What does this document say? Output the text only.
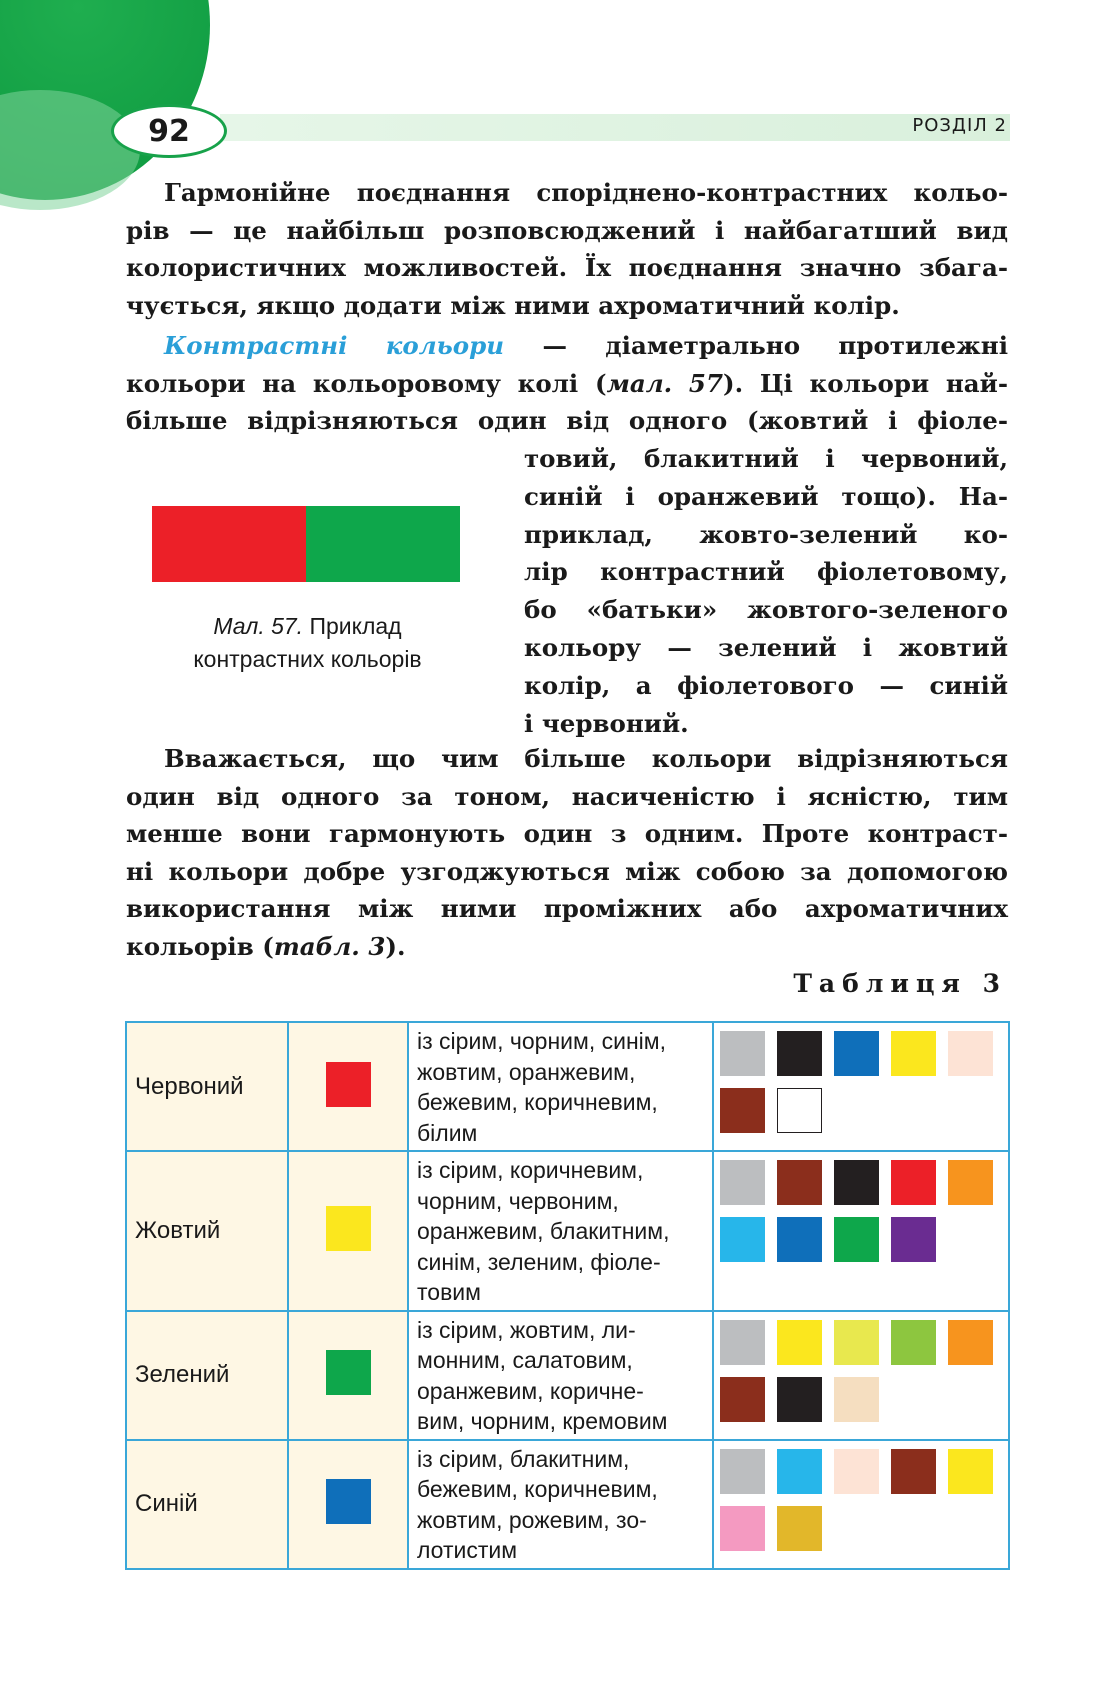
92	РОЗДІЛ 2

Гармонійне поєднання споріднено-контрастних кольо-
рів — це найбільш розповсюджений і найбагатший вид
колористичних можливостей. Їх поєднання значно збага-
чується, якщо додати між ними ахроматичний колір.

Контрастні кольори — діаметрально протилежні
кольори на кольоровому колі (мал. 57). Ці кольори най-
більше відрізняються один від одного (жовтий і фіоле-

Мал. 57. Приклад
контрастних кольорів
товий, блакитний і червоний,
синій і оранжевий тощо). На-
приклад, жовто-зелений ко-
лір контрастний фіолетовому,
бо «батьки» жовтого-зеленого
кольору — зелений і жовтий
колір, а фіолетового — синій
і червоний.

Вважається, що чим більше кольори відрізняються
один від одного за тоном, насиченістю і ясністю, тим
менше вони гармонують один з одним. Проте контраст-
ні кольори добре узгоджуються між собою за допомогою
використання між ними проміжних або ахроматичних
кольорів (табл. 3).

Таблиця 3
Червоний		із сірим, чорним, синім,
жовтим, оранжевим,
бежевим, коричневим,
білим	

Жовтий		із сірим, коричневим,
чорним, червоним,
оранжевим, блакитним,
синім, зеленим, фіоле-
товим	

Зелений		із сірим, жовтим, ли-
монним, салатовим,
оранжевим, коричне-
вим, чорним, кремовим	

Синій		із сірим, блакитним,
бежевим, коричневим,
жовтим, рожевим, зо-
лотистим	
